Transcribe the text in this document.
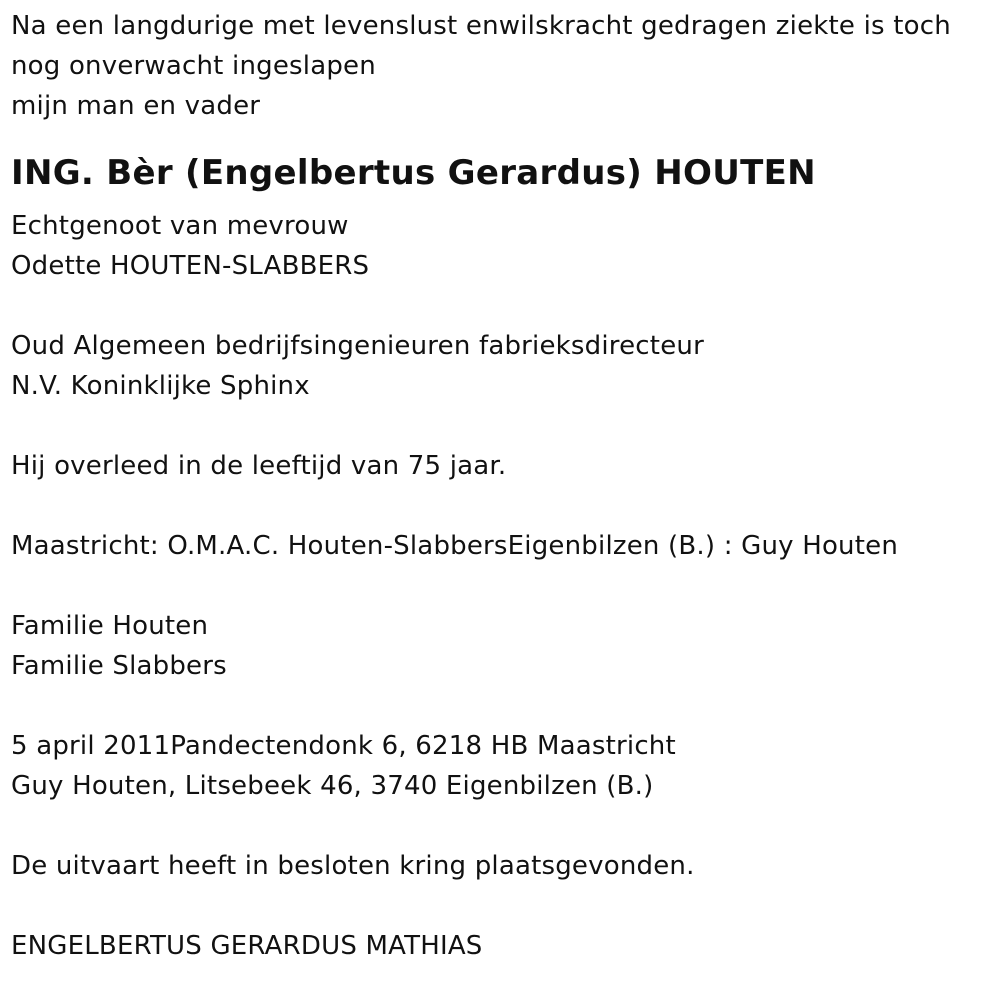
Na een langdurige met levenslust enwilskracht gedragen ziekte is toch
nog onverwacht ingeslapen
mijn man en vader
ING. Bèr (Engelbertus Gerardus) HOUTEN
Echtgenoot van mevrouw
Odette HOUTEN-SLABBERS
Oud Algemeen bedrijfsingenieuren fabrieksdirecteur
N.V. Koninklijke Sphinx
Hij overleed in de leeftijd van 75 jaar.
Maastricht: O.M.A.C. Houten-SlabbersEigenbilzen (B.) : Guy Houten
Familie Houten
Familie Slabbers
5 april 2011Pandectendonk 6, 6218 HB Maastricht
Guy Houten, Litsebeek 46, 3740 Eigenbilzen (B.)
De uitvaart heeft in besloten kring plaatsgevonden.
ENGELBERTUS GERARDUS MATHIAS
